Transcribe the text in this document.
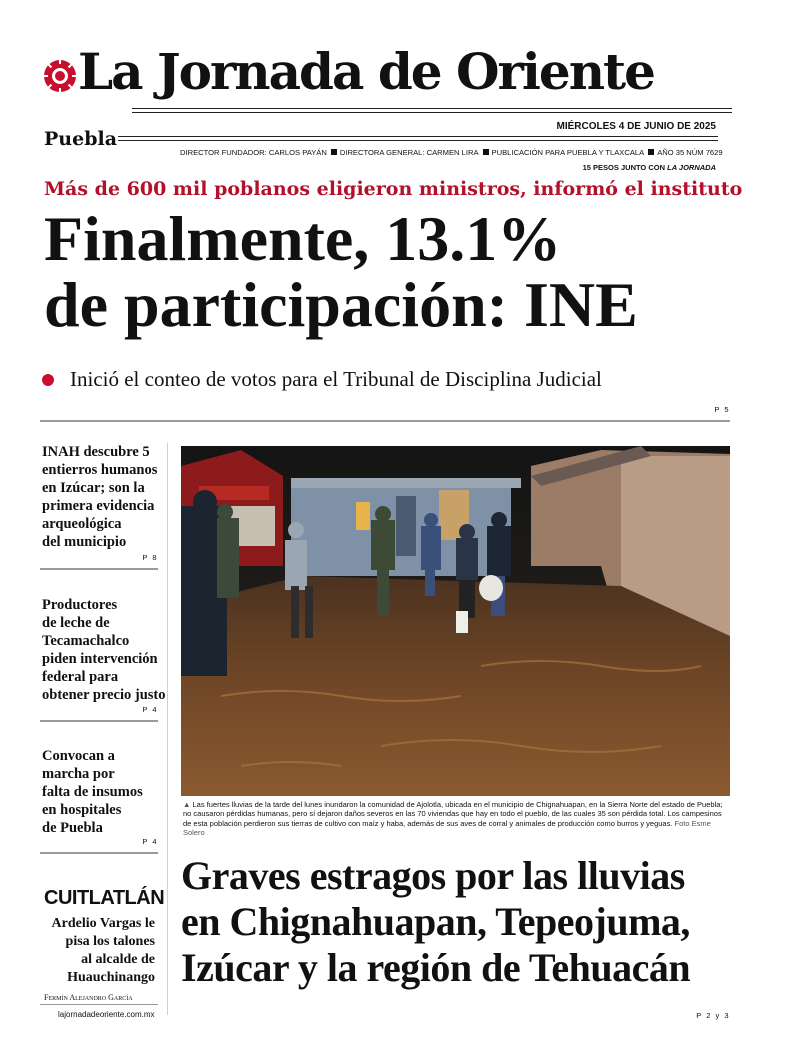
La Jornada de Oriente
Puebla
MIÉRCOLES 4 DE JUNIO DE 2025
DIRECTOR FUNDADOR: CARLOS PAYÁN DIRECTORA GENERAL: CARMEN LIRA PUBLICACIÓN PARA PUEBLA Y TLAXCALA AÑO 35 NÚM 7629
15 PESOS JUNTO CON LA JORNADA
Más de 600 mil poblanos eligieron ministros, informó el instituto
Finalmente, 13.1%
de participación: INE
Inició el conteo de votos para el Tribunal de Disciplina Judicial
P 5
INAH descubre 5
entierros humanos
en Izúcar; son la
primera evidencia
arqueológica
del municipio
P 8
Productores
de leche de
Tecamachalco
piden intervención
federal para
obtener precio justo
P 4
Convocan a
marcha por
falta de insumos
en hospitales
de Puebla
P 4
CUITLATLÁN
Ardelio Vargas le
pisa los talones
al alcalde de
Huauchinango
Fermín Alejandro García
lajornadadeoriente.com.mx
▲ Las fuertes lluvias de la tarde del lunes inundaron la comunidad de Ajolotla, ubicada en el municipio de Chignahuapan, en la Sierra Norte del estado de Puebla; no causaron pérdidas humanas, pero sí dejaron daños severos en las 70 viviendas que hay en todo el pueblo, de las cuales 35 son pérdida total. Los campesinos de esta población perdieron sus tierras de cultivo con maíz y haba, además de sus aves de corral y animales de producción como burros y yeguas. Foto Esme Solero
Graves estragos por las lluvias
en Chignahuapan, Tepeojuma,
Izúcar y la región de Tehuacán
P 2 y 3
